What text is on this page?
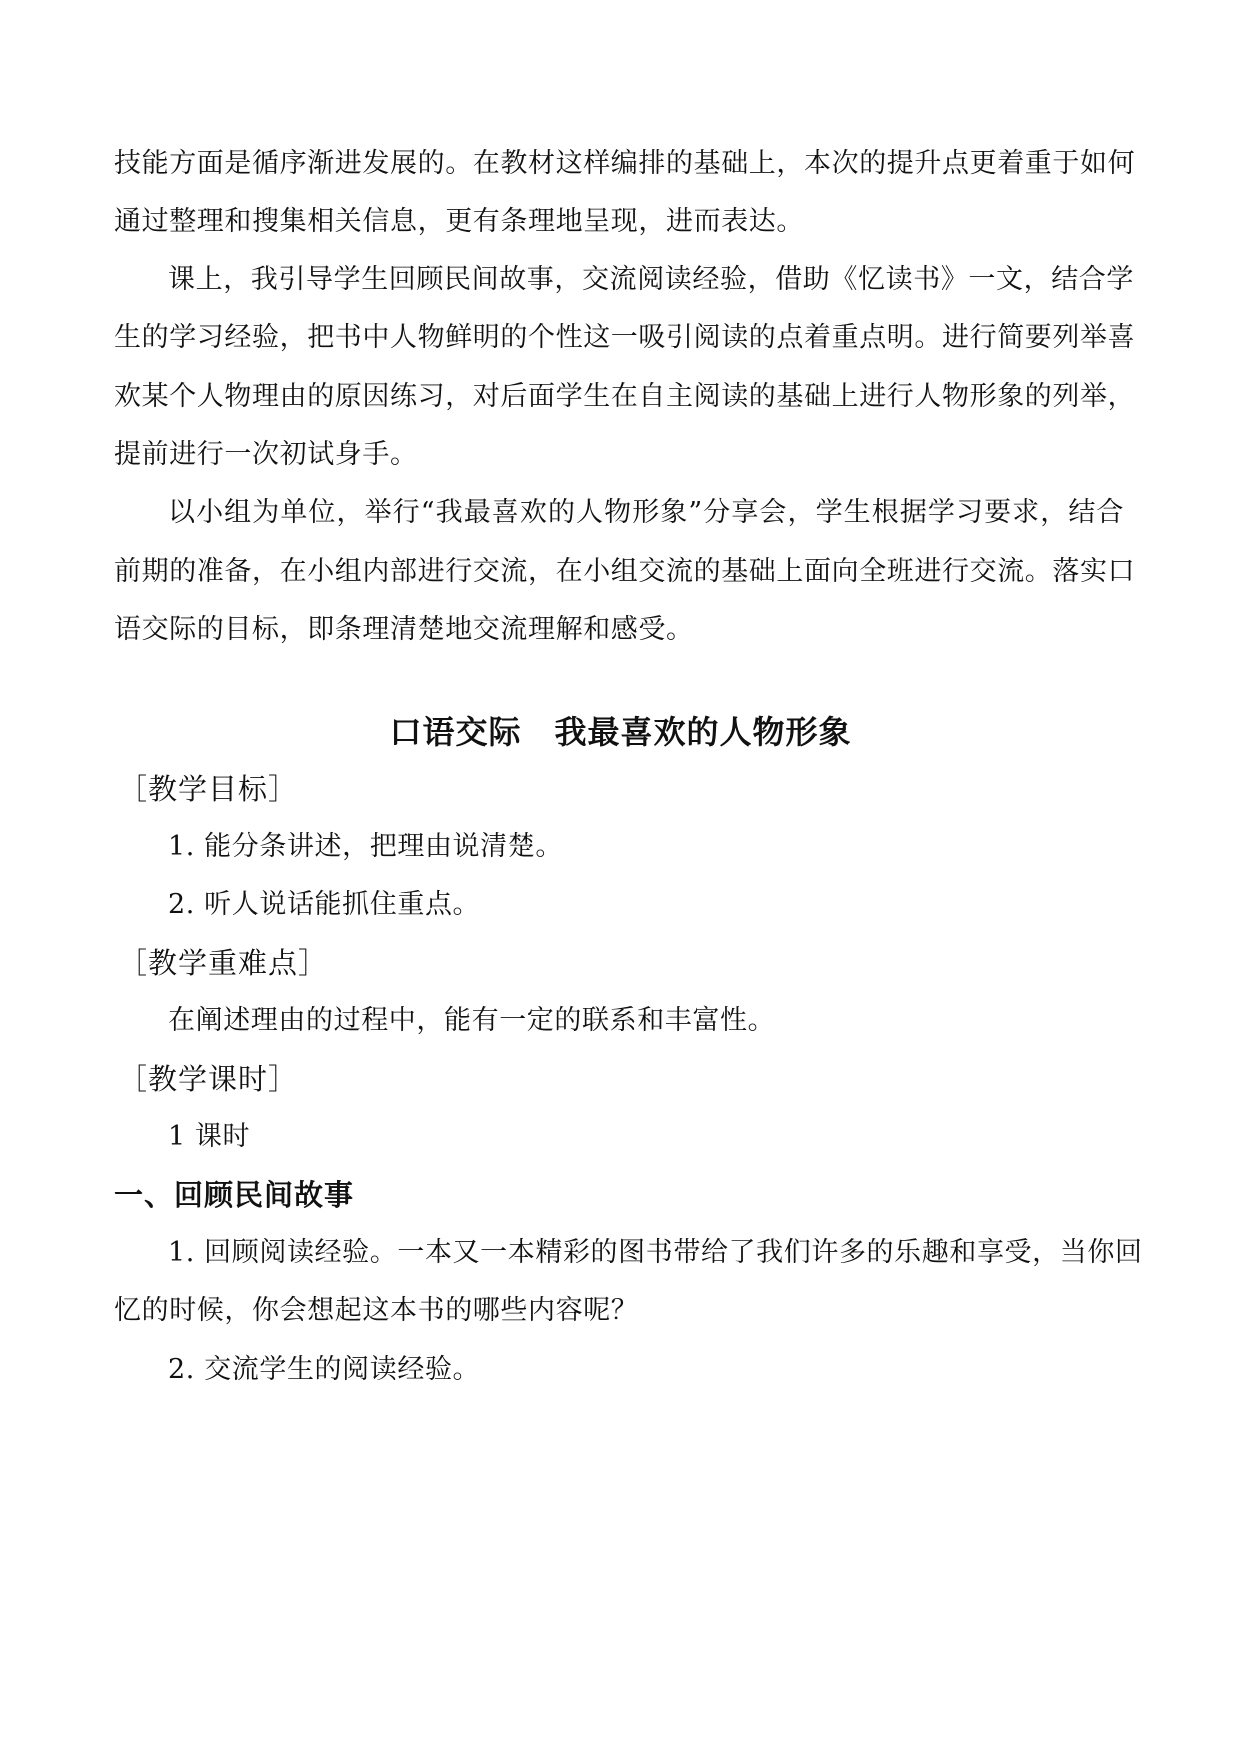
技能方面是循序渐进发展的。在教材这样编排的基础上，本次的提升点更着重于如何
通过整理和搜集相关信息，更有条理地呈现，进而表达。
课上，我引导学生回顾民间故事，交流阅读经验，借助《忆读书》一文，结合学
生的学习经验，把书中人物鲜明的个性这一吸引阅读的点着重点明。进行简要列举喜
欢某个人物理由的原因练习，对后面学生在自主阅读的基础上进行人物形象的列举，
提前进行一次初试身手。
以小组为单位，举行“我最喜欢的人物形象”分享会，学生根据学习要求，结合
前期的准备，在小组内部进行交流，在小组交流的基础上面向全班进行交流。落实口
语交际的目标，即条理清楚地交流理解和感受。
口语交际　我最喜欢的人物形象
［教学目标］
1. 能分条讲述，把理由说清楚。
2. 听人说话能抓住重点。
［教学重难点］
在阐述理由的过程中，能有一定的联系和丰富性。
［教学课时］
1 课时
一、回顾民间故事
1. 回顾阅读经验。一本又一本精彩的图书带给了我们许多的乐趣和享受，当你回
忆的时候，你会想起这本书的哪些内容呢？
2. 交流学生的阅读经验。
